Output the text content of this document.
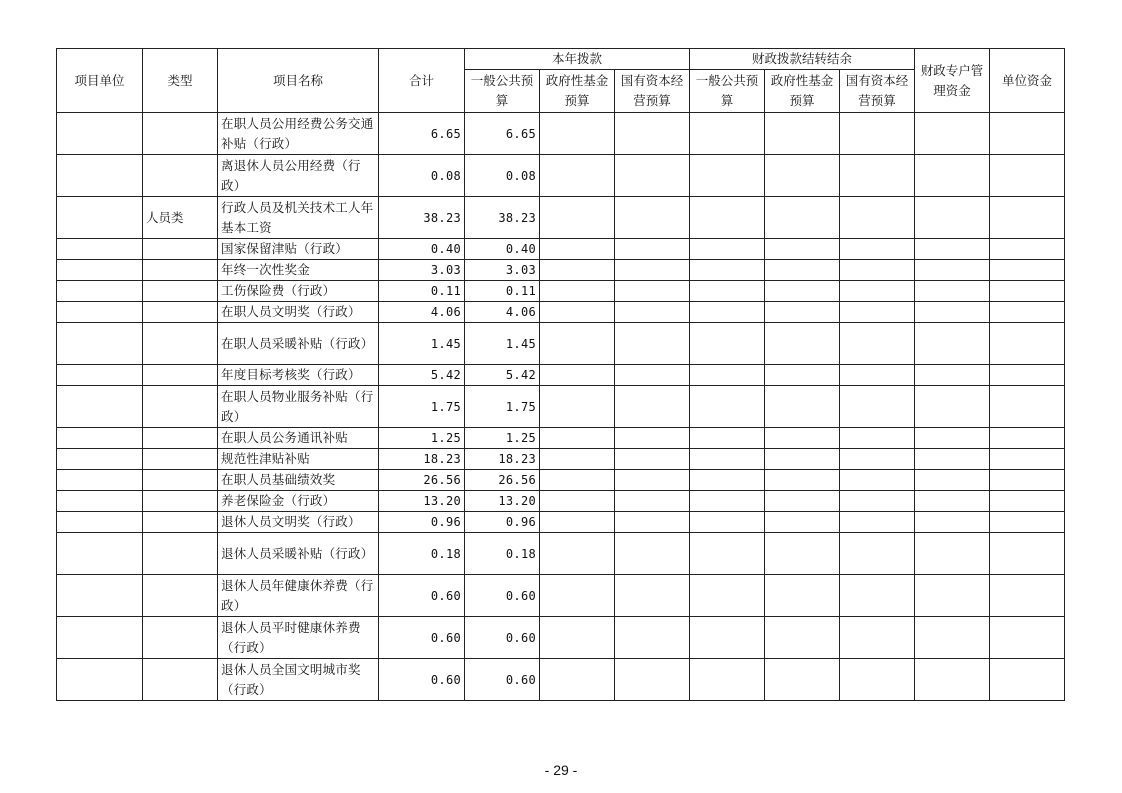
项目单位	类型	项目名称	合计	本年拨款			财政拨款结转结余			财政专户管理资金	单位资金
				一般公共预算	政府性基金预算	国有资本经营预算	一般公共预算	政府性基金预算	国有资本经营预算		
		在职人员公用经费公务交通补贴（行政）	6.65	6.65							
		离退休人员公用经费（行政）	0.08	0.08							
	人员类	行政人员及机关技术工人年基本工资	38.23	38.23							
		国家保留津贴（行政）	0.40	0.40							
		年终一次性奖金	3.03	3.03							
		工伤保险费（行政）	0.11	0.11							
		在职人员文明奖（行政）	4.06	4.06							
		在职人员采暖补贴（行政）	1.45	1.45							
		年度目标考核奖（行政）	5.42	5.42							
		在职人员物业服务补贴（行政）	1.75	1.75							
		在职人员公务通讯补贴	1.25	1.25							
		规范性津贴补贴	18.23	18.23							
		在职人员基础绩效奖	26.56	26.56							
		养老保险金（行政）	13.20	13.20							
		退休人员文明奖（行政）	0.96	0.96							
		退休人员采暖补贴（行政）	0.18	0.18							
		退休人员年健康休养费（行政）	0.60	0.60							
		退休人员平时健康休养费（行政）	0.60	0.60							
		退休人员全国文明城市奖（行政）	0.60	0.60							
- 29 -
